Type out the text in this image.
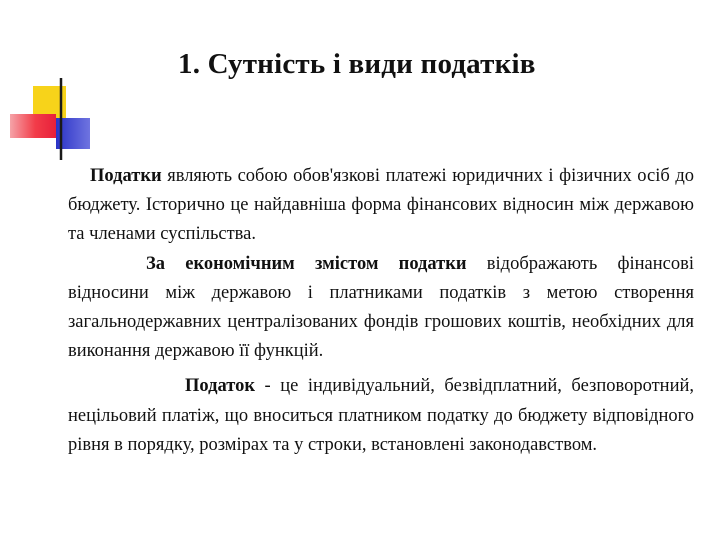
1. Сутність і види податків

Податки являють собою обов'язкові платежі юридичних і фізичних осіб до бюджету. Історично це найдавніша форма фінансових відносин між державою та членами суспільства.

За економічним змістом податки відображають фінансові відносини між державою і платниками податків з метою створення загальнодержавних централізованих фондів грошових коштів, необхідних для виконання державою її функцій.

Податок - це індивідуальний, безвідплатний, безповоротний, нецільовий платіж, що вноситься платником податку до бюджету відповідного рівня в порядку, розмірах та у строки, встановлені законодавством.
